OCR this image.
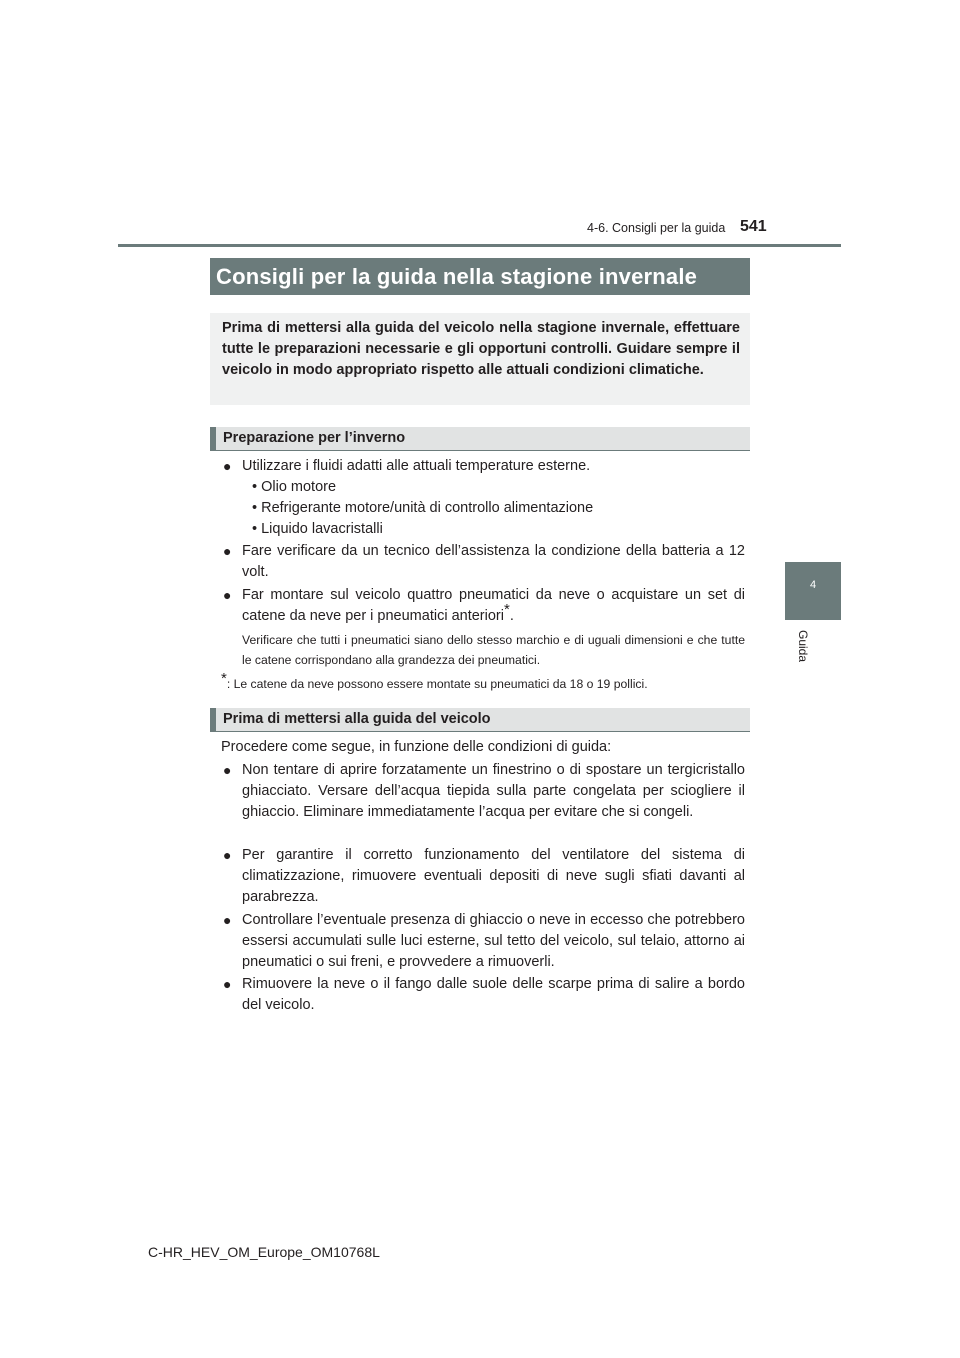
4-6. Consigli per la guida 541
Consigli per la guida nella stagione invernale
Prima di mettersi alla guida del veicolo nella stagione invernale, effettuare tutte le preparazioni necessarie e gli opportuni controlli. Guidare sempre il veicolo in modo appropriato rispetto alle attuali condizioni climatiche.
Preparazione per l’inverno
● Utilizzare i fluidi adatti alle attuali temperature esterne.
• Olio motore
• Refrigerante motore/unità di controllo alimentazione
• Liquido lavacristalli
● Fare verificare da un tecnico dell’assistenza la condizione della batteria a 12 volt.
● Far montare sul veicolo quattro pneumatici da neve o acquistare un set di catene da neve per i pneumatici anteriori*.
Verificare che tutti i pneumatici siano dello stesso marchio e di uguali dimensioni e che tutte le catene corrispondano alla grandezza dei pneumatici.
*: Le catene da neve possono essere montate su pneumatici da 18 o 19 pollici.
Prima di mettersi alla guida del veicolo
Procedere come segue, in funzione delle condizioni di guida:
● Non tentare di aprire forzatamente un finestrino o di spostare un tergicristallo ghiacciato. Versare dell’acqua tiepida sulla parte congelata per sciogliere il ghiaccio. Eliminare immediatamente l’acqua per evitare che si congeli.
● Per garantire il corretto funzionamento del ventilatore del sistema di climatizzazione, rimuovere eventuali depositi di neve sugli sfiati davanti al parabrezza.
● Controllare l’eventuale presenza di ghiaccio o neve in eccesso che potrebbero essersi accumulati sulle luci esterne, sul tetto del veicolo, sul telaio, attorno ai pneumatici o sui freni, e provvedere a rimuoverli.
● Rimuovere la neve o il fango dalle suole delle scarpe prima di salire a bordo del veicolo.
4
Guida
C-HR_HEV_OM_Europe_OM10768L
